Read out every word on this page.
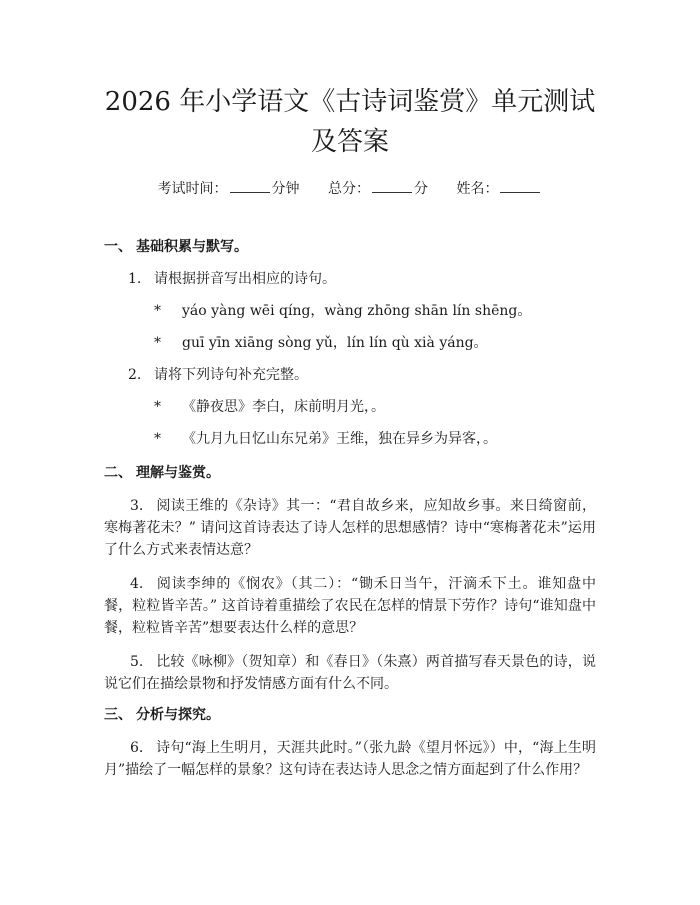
2026 年小学语文《古诗词鉴赏》单元测试及答案
考试时间：	分钟 总分：	分 姓名：
一、 基础积累与默写。
1. 请根据拼音写出相应的诗句。
* yáo yàng wēi qíng，wàng zhōng shān lín shēng。
* guī yīn xiāng sòng yǔ，lín lín qù xià yáng。
2. 请将下列诗句补充完整。
* 《静夜思》李白，床前明月光，。
* 《九月九日忆山东兄弟》王维，独在异乡为异客，。
二、 理解与鉴赏。
3. 阅读王维的《杂诗》其一：“君自故乡来，应知故乡事。来日绮窗前，寒梅著花未？” 请问这首诗表达了诗人怎样的思想感情？诗中“寒梅著花未”运用了什么方式来表情达意？
4. 阅读李绅的《悯农》（其二）：“锄禾日当午，汗滴禾下土。谁知盘中餐，粒粒皆辛苦。” 这首诗着重描绘了农民在怎样的情景下劳作？诗句“谁知盘中餐，粒粒皆辛苦”想要表达什么样的意思？
5. 比较《咏柳》（贺知章）和《春日》（朱熹）两首描写春天景色的诗，说说它们在描绘景物和抒发情感方面有什么不同。
三、 分析与探究。
6. 诗句“海上生明月，天涯共此时。”（张九龄《望月怀远》）中，“海上生明月”描绘了一幅怎样的景象？这句诗在表达诗人思念之情方面起到了什么作用？
